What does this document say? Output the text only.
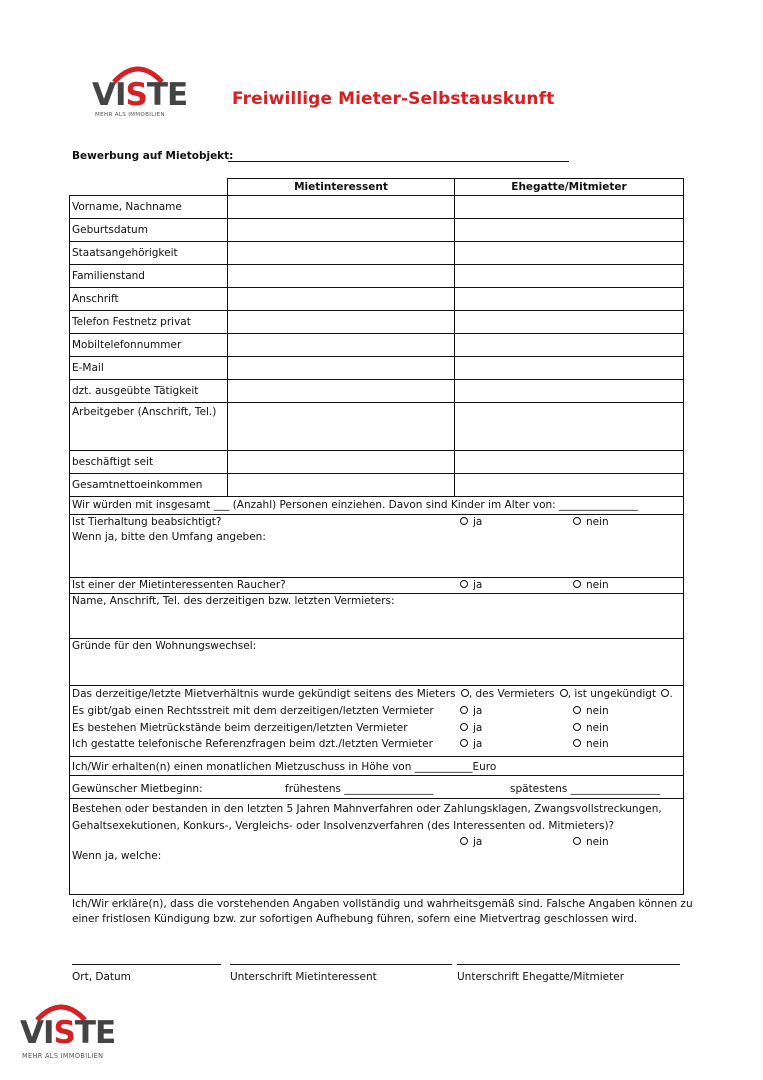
VISTE
MEHR ALS IMMOBILIEN
Freiwillige Mieter-Selbstauskunft
Bewerbung auf Mietobjekt:
	Mietinteressent	Ehegatte/Mitmieter
Vorname, Nachname		
Geburtsdatum		
Staatsangehörigkeit		
Familienstand		
Anschrift		
Telefon Festnetz privat		
Mobiltelefonnummer		
E-Mail		
dzt. ausgeübte Tätigkeit		
Arbeitgeber (Anschrift, Tel.)		
beschäftigt seit		
Gesamtnettoeinkommen		
Wir würden mit insgesamt ___ (Anzahl) Personen einziehen. Davon sind Kinder im Alter von: _______________
Ist Tierhaltung beabsichtigt?	ja	nein
Wenn ja, bitte den Umfang angeben:
Ist einer der Mietinteressenten Raucher?	ja	nein
Name, Anschrift, Tel. des derzeitigen bzw. letzten Vermieters:
Gründe für den Wohnungswechsel:
Das derzeitige/letzte Mietverhältnis wurde gekündigt seitens des Mieters , des Vermieters , ist ungekündigt .
Es gibt/gab einen Rechtsstreit mit dem derzeitigen/letzten Vermieter	ja	nein
Es bestehen Mietrückstände beim derzeitigen/letzten Vermieter	ja	nein
Ich gestatte telefonische Referenzfragen beim dzt./letzten Vermieter	ja	nein
Ich/Wir erhalten(n) einen monatlichen Mietzuschuss in Höhe von ___________Euro
Gewünscher Mietbeginn:	frühestens _________________	spätestens _________________
Bestehen oder bestanden in den letzten 5 Jahren Mahnverfahren oder Zahlungsklagen, Zwangsvollstreckungen,
Gehaltsexekutionen, Konkurs-, Vergleichs- oder Insolvenzverfahren (des Interessenten od. Mitmieters)?
ja	nein
Wenn ja, welche:
Ich/Wir erkläre(n), dass die vorstehenden Angaben vollständig und wahrheitsgemäß sind. Falsche Angaben können zu
einer fristlosen Kündigung bzw. zur sofortigen Aufhebung führen, sofern eine Mietvertrag geschlossen wird.
Ort, Datum	Unterschrift Mietinteressent	Unterschrift Ehegatte/Mitmieter
VISTE
MEHR ALS IMMOBILIEN
